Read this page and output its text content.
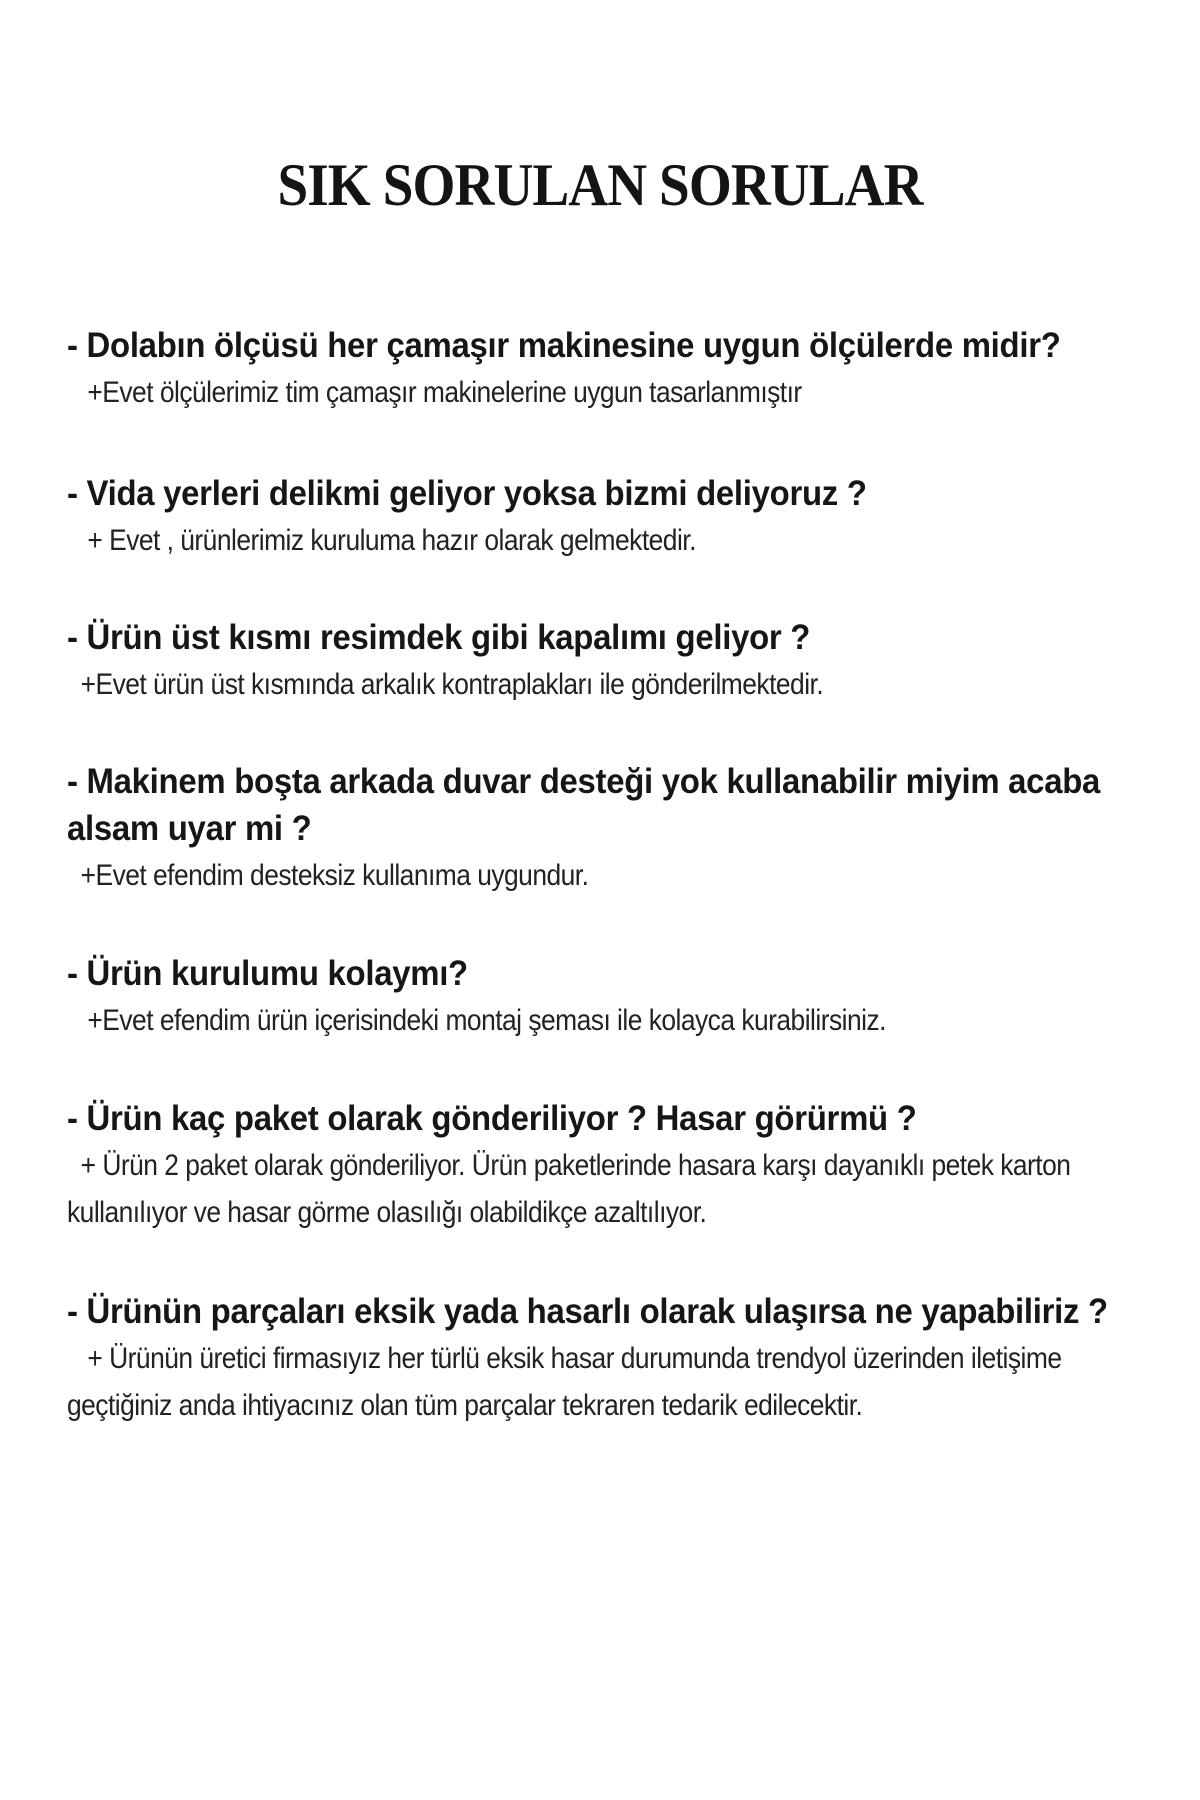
SIK SORULAN SORULAR
- Dolabın ölçüsü her çamaşır makinesine uygun ölçülerde midir?
+Evet ölçülerimiz tim çamaşır makinelerine uygun tasarlanmıştır
- Vida yerleri delikmi geliyor yoksa bizmi deliyoruz ?
+ Evet , ürünlerimiz kuruluma hazır olarak gelmektedir.
- Ürün üst kısmı resimdek gibi kapalımı geliyor ?
+Evet ürün üst kısmında arkalık kontraplakları ile gönderilmektedir.
- Makinem boşta arkada duvar desteği yok kullanabilir miyim acaba alsam uyar mi ?
+Evet efendim desteksiz kullanıma uygundur.
- Ürün kurulumu kolaymı?
+Evet efendim ürün içerisindeki montaj şeması ile kolayca kurabilirsiniz.
- Ürün kaç paket olarak gönderiliyor ? Hasar görürmü ?
+ Ürün 2 paket olarak gönderiliyor. Ürün paketlerinde hasara karşı dayanıklı petek karton kullanılıyor ve hasar görme olasılığı olabildikçe azaltılıyor.
- Ürünün parçaları eksik yada hasarlı olarak ulaşırsa ne yapabiliriz ?
+ Ürünün üretici firmasıyız her türlü eksik hasar durumunda trendyol üzerinden iletişime geçtiğiniz anda ihtiyacınız olan tüm parçalar tekraren tedarik edilecektir.
